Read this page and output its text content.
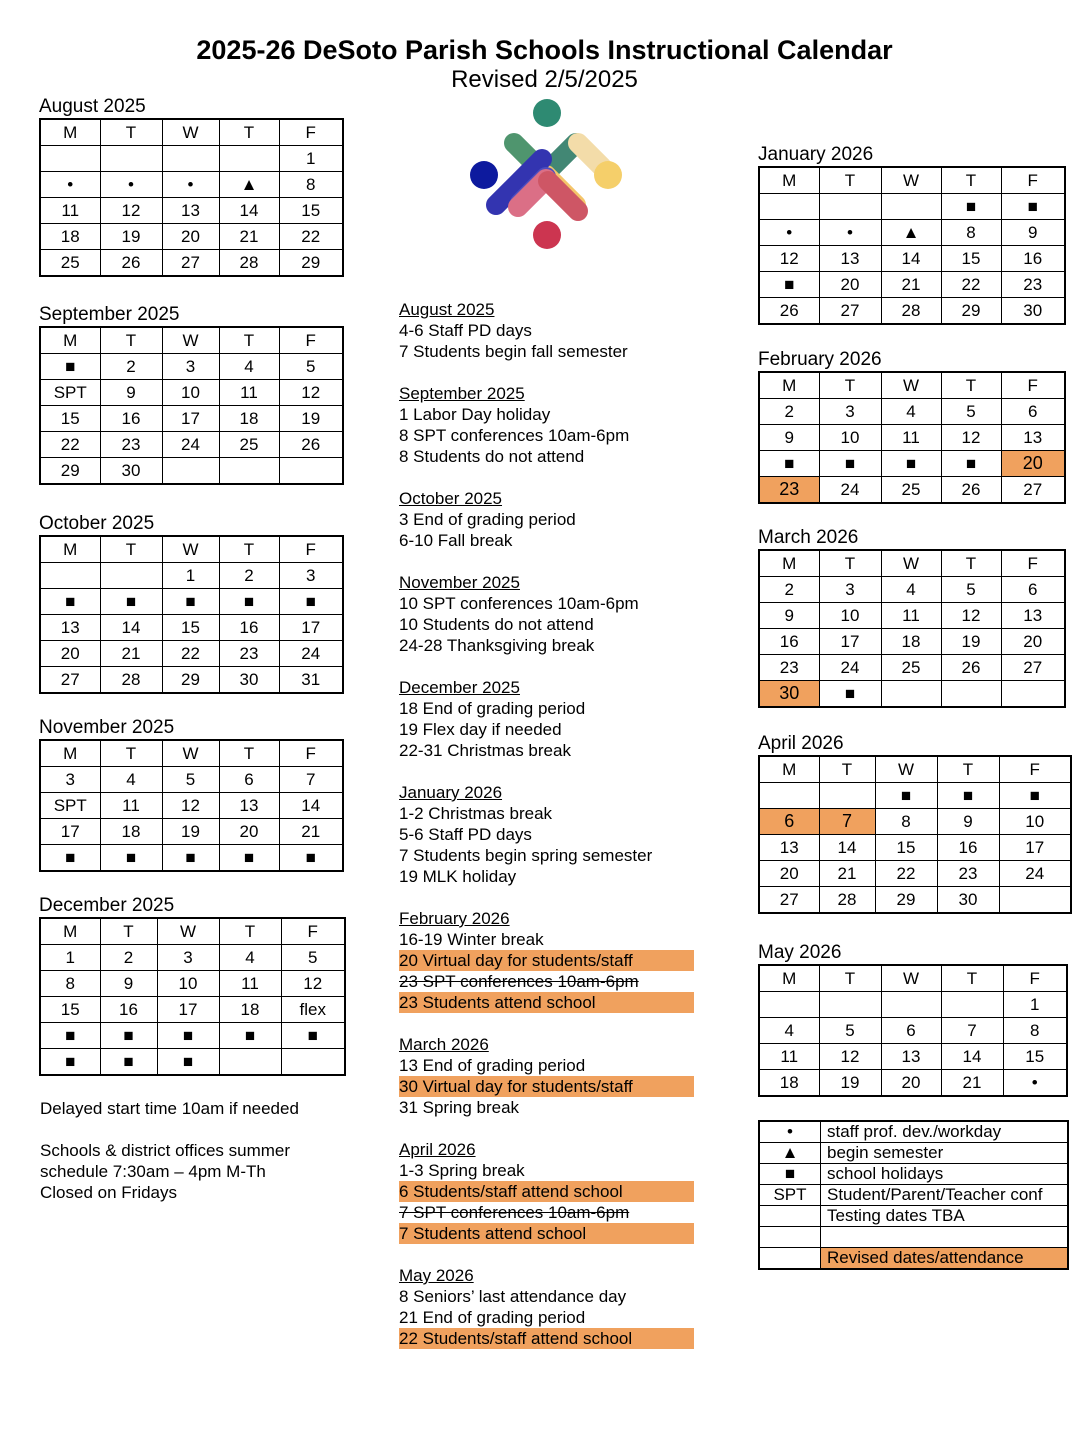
2025-26 DeSoto Parish Schools Instructional Calendar
Revised 2/5/2025
August 2025
M	T	W	T	F
				1
•	•	•	▲	8
11	12	13	14	15
18	19	20	21	22
25	26	27	28	29
September 2025
M	T	W	T	F
■	2	3	4	5
SPT	9	10	11	12
15	16	17	18	19
22	23	24	25	26
29	30			
October 2025
M	T	W	T	F
		1	2	3
■	■	■	■	■
13	14	15	16	17
20	21	22	23	24
27	28	29	30	31
November 2025
M	T	W	T	F
3	4	5	6	7
SPT	11	12	13	14
17	18	19	20	21
■	■	■	■	■
December 2025
M	T	W	T	F
1	2	3	4	5
8	9	10	11	12
15	16	17	18	flex
■	■	■	■	■
■	■	■		
January 2026
M	T	W	T	F
			■	■
•	•	▲	8	9
12	13	14	15	16
■	20	21	22	23
26	27	28	29	30
February 2026
M	T	W	T	F
2	3	4	5	6
9	10	11	12	13
■	■	■	■	20
23	24	25	26	27
March 2026
M	T	W	T	F
2	3	4	5	6
9	10	11	12	13
16	17	18	19	20
23	24	25	26	27
30	■			
April 2026
M	T	W	T	F
		■	■	■
6	7	8	9	10
13	14	15	16	17
20	21	22	23	24
27	28	29	30	
May 2026
M	T	W	T	F
				1
4	5	6	7	8
11	12	13	14	15
18	19	20	21	•
August 2025
4-6 Staff PD days
7 Students begin fall semester
September 2025
1 Labor Day holiday
8 SPT conferences 10am-6pm
8 Students do not attend
October 2025
3 End of grading period
6-10 Fall break
November 2025
10 SPT conferences 10am-6pm
10 Students do not attend
24-28 Thanksgiving break
December 2025
18 End of grading period
19 Flex day if needed
22-31 Christmas break
January 2026
1-2 Christmas break
5-6 Staff PD days
7 Students begin spring semester
19 MLK holiday
February 2026
16-19 Winter break
20 Virtual day for students/staff
23 SPT conferences 10am-6pm
23 Students attend school
March 2026
13 End of grading period
30 Virtual day for students/staff
31 Spring break
April 2026
1-3 Spring break
6 Students/staff attend school
7 SPT conferences 10am-6pm
7 Students attend school
May 2026
8 Seniors’ last attendance day
21 End of grading period
22 Students/staff attend school
Delayed start time 10am if needed
Schools & district offices summer
schedule 7:30am – 4pm M-Th
Closed on Fridays
•	staff prof. dev./workday
▲	begin semester
■	school holidays
SPT	Student/Parent/Teacher conf
	Testing dates TBA

	Revised dates/attendance
